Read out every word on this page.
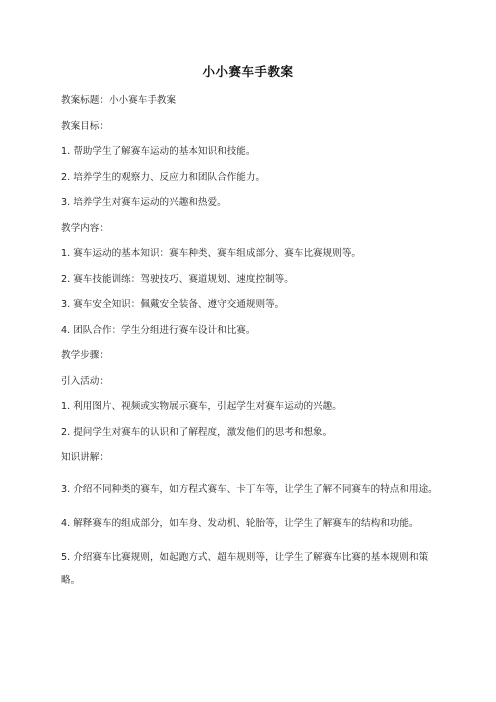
小小赛车手教案

教案标题：小小赛车手教案

教案目标：

1. 帮助学生了解赛车运动的基本知识和技能。

2. 培养学生的观察力、反应力和团队合作能力。

3. 培养学生对赛车运动的兴趣和热爱。

教学内容：

1. 赛车运动的基本知识：赛车种类、赛车组成部分、赛车比赛规则等。

2. 赛车技能训练：驾驶技巧、赛道规划、速度控制等。

3. 赛车安全知识：佩戴安全装备、遵守交通规则等。

4. 团队合作：学生分组进行赛车设计和比赛。

教学步骤：

引入活动：

1. 利用图片、视频或实物展示赛车，引起学生对赛车运动的兴趣。

2. 提问学生对赛车的认识和了解程度，激发他们的思考和想象。

知识讲解：

3. 介绍不同种类的赛车，如方程式赛车、卡丁车等，让学生了解不同赛车的特点和用途。

4. 解释赛车的组成部分，如车身、发动机、轮胎等，让学生了解赛车的结构和功能。

5. 介绍赛车比赛规则，如起跑方式、超车规则等，让学生了解赛车比赛的基本规则和策略。
